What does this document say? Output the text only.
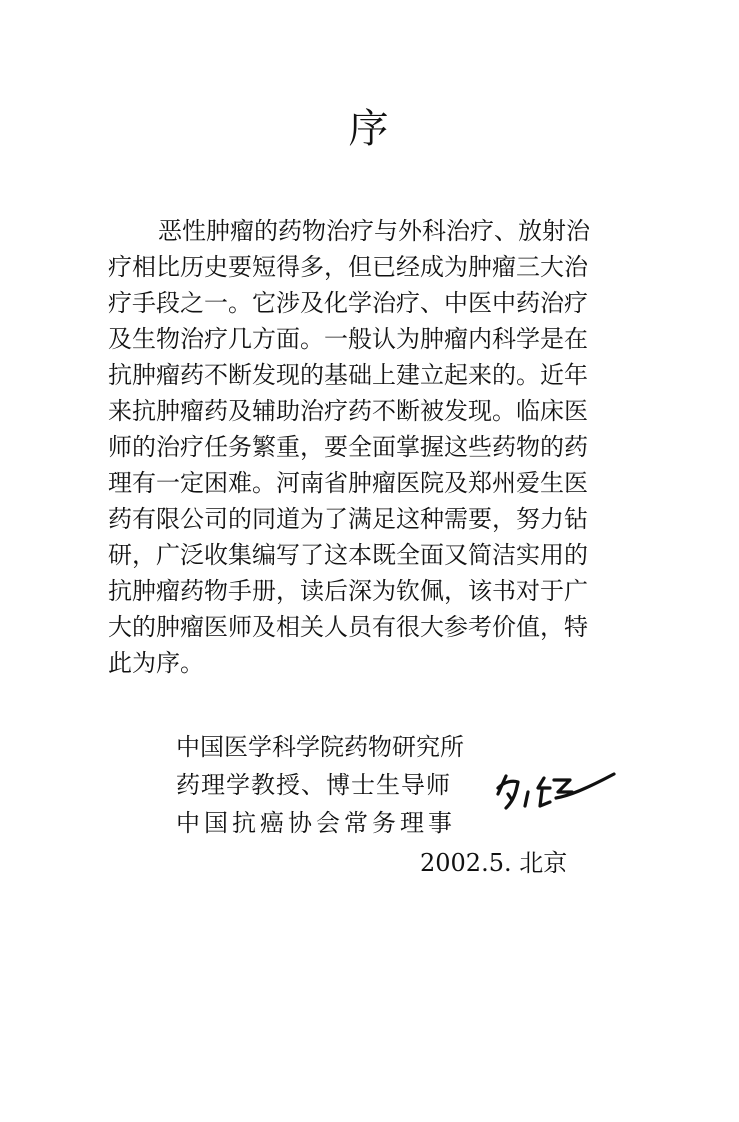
序
恶性肿瘤的药物治疗与外科治疗、放射治
疗相比历史要短得多，但已经成为肿瘤三大治
疗手段之一。它涉及化学治疗、中医中药治疗
及生物治疗几方面。一般认为肿瘤内科学是在
抗肿瘤药不断发现的基础上建立起来的。近年
来抗肿瘤药及辅助治疗药不断被发现。临床医
师的治疗任务繁重，要全面掌握这些药物的药
理有一定困难。河南省肿瘤医院及郑州爱生医
药有限公司的同道为了满足这种需要，努力钻
研，广泛收集编写了这本既全面又简洁实用的
抗肿瘤药物手册，读后深为钦佩，该书对于广
大的肿瘤医师及相关人员有很大参考价值，特
此为序。
中国医学科学院药物研究所
药理学教授、博士生导师
中国抗癌协会常务理事
2002.5. 北京
